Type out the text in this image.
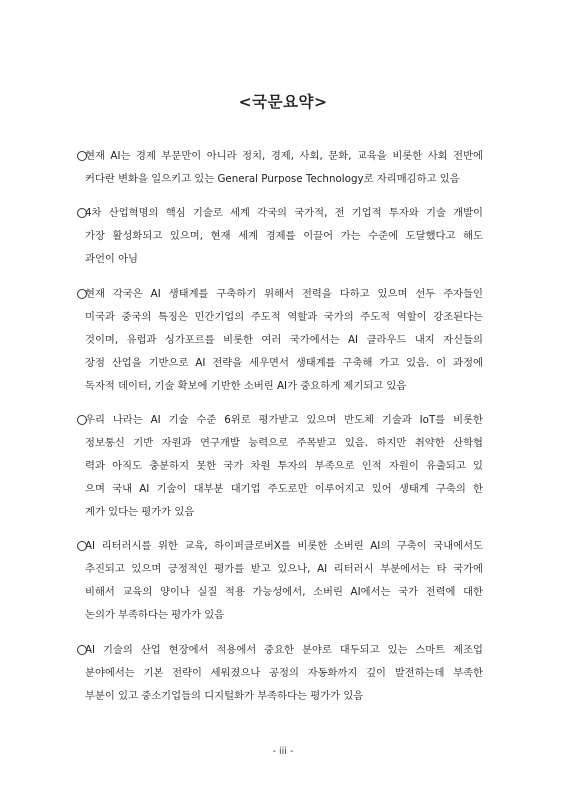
<국문요약>
현재 AI는 경제 부문만이 아니라 정치, 경제, 사회, 문화, 교육을 비롯한 사회 전반에
커다란 변화을 일으키고 있는 General Purpose Technology로 자리매김하고 있음
4차 산업혁명의 핵심 기술로 세계 각국의 국가적, 전 기업적 투자와 기술 개발이
가장 활성화되고 있으며, 현재 세계 경제를 이끌어 가는 수준에 도달했다고 해도
과언이 아님
현재 각국은 AI 생태계를 구축하기 위해서 전력을 다하고 있으며 선두 주자들인
미국과 중국의 특징은 민간기업의 주도적 역할과 국가의 주도적 역할이 강조된다는
것이며, 유럽과 싱가포르를 비롯한 여러 국가에서는 AI 클라우드 내지 자신들의
장점 산업을 기반으로 AI 전략을 세우면서 생태계를 구축해 가고 있음. 이 과정에
독자적 데이터, 기술 확보에 기반한 소버린 AI가 중요하게 제기되고 있음
우리 나라는 AI 기술 수준 6위로 평가받고 있으며 반도체 기술과 IoT를 비롯한
정보통신 기반 자원과 연구개발 능력으로 주목받고 있음. 하지만 취약한 산학협
력과 아직도 충분하지 못한 국가 차원 투자의 부족으로 인적 자원이 유출되고 있
으며 국내 AI 기술이 대부분 대기업 주도로만 이루어지고 있어 생태계 구축의 한
계가 있다는 평가가 있음
AI 리터러시를 위한 교육, 하이퍼클로버X를 비롯한 소버린 AI의 구축이 국내에서도
추진되고 있으며 긍정적인 평가를 받고 있으나, AI 리터러시 부분에서는 타 국가에
비해서 교육의 양이나 실질 적용 가능성에서, 소버린 AI에서는 국가 전력에 대한
논의가 부족하다는 평가가 있음
AI 기술의 산업 현장에서 적용에서 중요한 분야로 대두되고 있는 스마트 제조업
분야에서는 기본 전략이 세워졌으나 공정의 자동화까지 깊이 발전하는데 부족한
부분이 있고 중소기업들의 디지털화가 부족하다는 평가가 있음
- iii -
